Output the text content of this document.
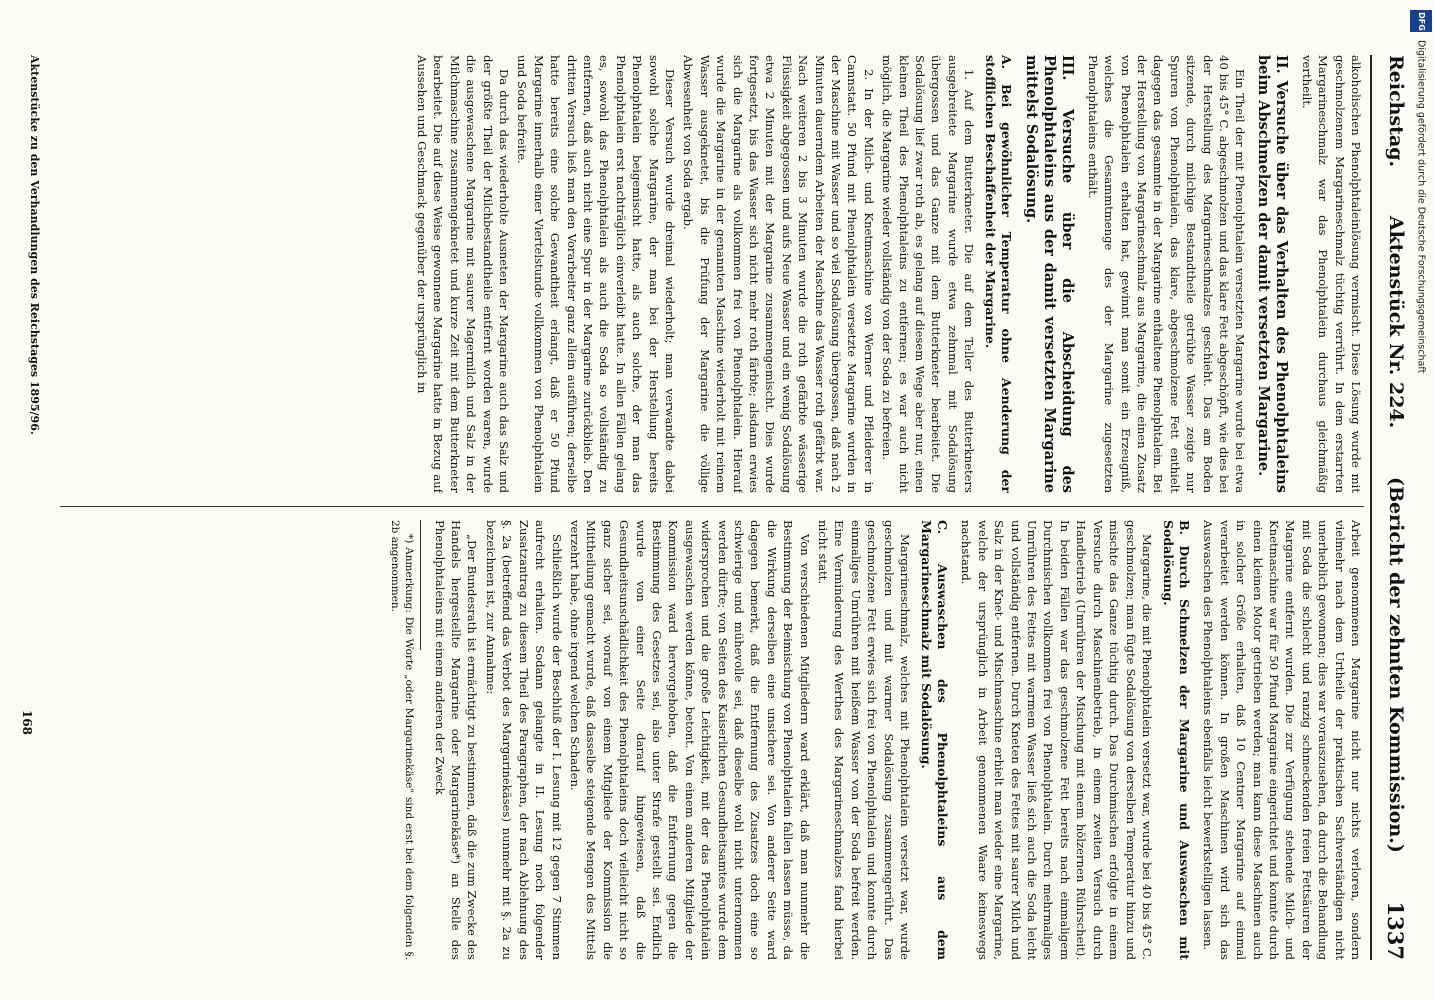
Reichstag.
Aktenstück Nr. 224.
(Bericht der zehnten Kommission.)
1337

alkoholischen Phenolphtaleinlösung vermischt. Diese Lösung wurde mit geschmolzenem Margarineschmalz tüchtig verrührt. In dem erstarrten Margarineschmalz war das Phenolphtalein durchaus gleichmäßig vertheilt.

II. Versuche über das Verhalten des Phenolphtaleins beim Abschmelzen der damit versetzten Margarine.

Ein Theil der mit Phenolphtalein versetzten Margarine wurde bei etwa 40 bis 45° C. abgeschmolzen und das klare Fett abgeschöpft, wie dies bei der Herstellung des Margarineschmalzes geschieht. Das am Boden sitzende, durch milchige Bestandtheile getrübte Wasser zeigte nur Spuren von Phenolphtalein, das klare, abgeschmolzene Fett enthielt dagegen das gesammte in der Margarine enthaltene Phenolphtalein. Bei der Herstellung von Margarineschmalz aus Margarine, die einen Zusatz von Phenolphtalein erhalten hat, gewinnt man somit ein Erzeugniß, welches die Gesammtmenge des der Margarine zugesetzten Phenolphtaleins enthält.

III. Versuche über die Abscheidung des Phenolphtaleins aus der damit versetzten Margarine mittelst Sodalösung.
A. Bei gewöhnlicher Temperatur ohne Aenderung der stofflichen Beschaffenheit der Margarine.

1. Auf dem Butterkneter. Die auf dem Teller des Butterkneters ausgebreitete Margarine wurde etwa zehnmal mit Sodalösung übergossen und das Ganze mit dem Butterkneter bearbeitet. Die Sodalösung lief zwar roth ab, es gelang auf diesem Wege aber nur, einen kleinen Theil des Phenolphtaleins zu entfernen; es war auch nicht möglich, die Margarine wieder vollständig von der Soda zu befreien.

2. In der Milch- und Knetmaschine von Werner und Pfleiderer in Cannstatt. 50 Pfund mit Phenolphtalein versetzte Margarine wurden in der Maschine mit Wasser und so viel Sodalösung übergossen, daß nach 2 Minuten dauerndem Arbeiten der Maschine das Wasser roth gefärbt war. Nach weiteren 2 bis 3 Minuten wurde die roth gefärbte wässerige Flüssigkeit abgegossen und aufs Neue Wasser und ein wenig Sodalösung etwa 2 Minuten mit der Margarine zusammengemischt. Dies wurde fortgesetzt, bis das Wasser sich nicht mehr roth färbte; alsdann erwies sich die Margarine als vollkommen frei von Phenolphtalein. Hierauf wurde die Margarine in der genannten Maschine wiederholt mit reinem Wasser ausgeknetet, bis die Prüfung der Margarine die völlige Abwesenheit von Soda ergab.

Dieser Versuch wurde dreimal wiederholt; man verwandte dabei sowohl solche Margarine, der man bei der Herstellung bereits Phenolphtalein beigemischt hatte, als auch solche, der man das Phenolphtalein erst nachträglich einverleibt hatte. In allen Fällen gelang es, sowohl das Phenolphtalein als auch die Soda so vollständig zu entfernen, daß auch nicht eine Spur in der Margarine zurückblieb. Den dritten Versuch ließ man den Vorarbeiter ganz allein ausführen; derselbe hatte bereits eine solche Gewandtheit erlangt, daß er 50 Pfund Margarine innerhalb einer Viertelstunde vollkommen von Phenolphtalein und Soda befreite.

Da durch das wiederholte Ausneten der Margarine auch das Salz und der größte Theil der Milchbestandtheile entfernt worden waren, wurde die ausgewaschene Margarine mit saurer Magermilch und Salz in der Milchmaschine zusammengeknetet und kurze Zeit mit dem Butterkneter bearbeitet. Die auf diese Weise gewonnene Margarine hatte in Bezug auf Aussehen und Geschmack gegenüber der ursprünglich in

Arbeit genommenen Margarine nicht nur nichts verloren, sondern vielmehr nach dem Urtheile der praktischen Sachverständigen nicht unerheblich gewonnen; dies war vorauszusehen, da durch die Behandlung mit Soda die schlecht und ranzig schmeckenden freien Fettsäuren der Margarine entfernt wurden. Die zur Verfügung stehende Milch- und Knetmaschine war für 50 Pfund Margarine eingerichtet und konnte durch einen kleinen Motor getrieben werden; man kann diese Maschinen auch in solcher Größe erhalten, daß 10 Centner Margarine auf einmal verarbeitet werden können. In großen Maschinen wird sich das Auswaschen des Phenolphtaleins ebenfalls leicht bewerkstelligen lassen.

B. Durch Schmelzen der Margarine und Auswaschen mit Sodalösung.

Margarine, die mit Phenolphtalein versetzt war, wurde bei 40 bis 45° C. geschmolzen; man fügte Sodalösung von derselben Temperatur hinzu und mischte das Ganze tüchtig durch. Das Durchmischen erfolgte in einem Versuche durch Maschinenbetrieb, in einem zweiten Versuch durch Handbetrieb (Umrühren der Mischung mit einem hölzernen Rührscheit). In beiden Fällen war das geschmolzene Fett bereits nach einmaligem Durchmischen vollkommen frei von Phenolphtalein. Durch mehrmaliges Umrühren des Fettes mit warmem Wasser ließ sich auch die Soda leicht und vollständig entfernen. Durch Kneten des Fettes mit saurer Milch und Salz in der Knet- und Mischmaschine erhielt man wieder eine Margarine, welche der ursprünglich in Arbeit genommenen Waare keineswegs nachstand.

C. Auswaschen des Phenolphtaleins aus dem Margarineschmalz mit Sodalösung.

Margarineschmalz, welches mit Phenolphtalein versetzt war, wurde geschmolzen und mit warmer Sodalösung zusammengerührt. Das geschmolzene Fett erwies sich frei von Phenolphtalein und konnte durch einmaliges Umrühren mit heißem Wasser von der Soda befreit werden. Eine Verminderung des Werthes des Margarineschmalzes fand hierbei nicht statt.

Von verschiedenen Mitgliedern ward erklärt, daß man nunmehr die Bestimmung der Beimischung von Phenolphtalein fallen lassen müsse, da die Wirkung derselben eine unsichere sei. Von anderer Seite ward dagegen bemerkt, daß die Entfernung des Zusatzes doch eine so schwierige und mühevolle sei, daß dieselbe wohl nicht unternommen werden dürfte; von Seiten des Kaiserlichen Gesundheitsamtes wurde dem widersprochen und die große Leichtigkeit, mit der das Phenolphtalein ausgewaschen werden könne, betont. Von einem anderen Mitgliede der Kommission ward hervorgehoben, daß die Entfernung gegen die Bestimmung des Gesetzes sei, also unter Strafe gestellt sei. Endlich wurde von einer Seite darauf hingewiesen, daß die Gesundheitsunschädlichkeit des Phenolphtaleins doch vielleicht nicht so ganz sicher sei, worauf von einem Mitgliede der Kommission die Mittheilung gemacht wurde, daß dasselbe steigende Mengen des Mittels verzehrt habe, ohne irgend welchen Schaden.

Schließlich wurde der Beschluß der I. Lesung mit 12 gegen 7 Stimmen aufrecht erhalten. Sodann gelangte in II. Lesung noch folgender Zusatzantrag zu diesem Theil des Paragraphen, der nach Ablehnung des §. 2a (betreffend das Verbot des Margarinekäses) nunmehr mit §. 2a zu bezeichnen ist, zur Annahme:

„Der Bundesrath ist ermächtigt zu bestimmen, daß die zum Zwecke des Handels hergestellte Margarine oder Margarinekäse*) an Stelle des Phenolphtaleins mit einem anderen der Zweck

*) Anmerkung: Die Worte „oder Margarinekäse" sind erst bei dem folgenden §. 2b angenommen.

Aktenstücke zu den Verhandlungen des Reichstages 1895/96.
168
DFG
Digitalisierung gefördert durch die Deutsche Forschungsgemeinschaft
